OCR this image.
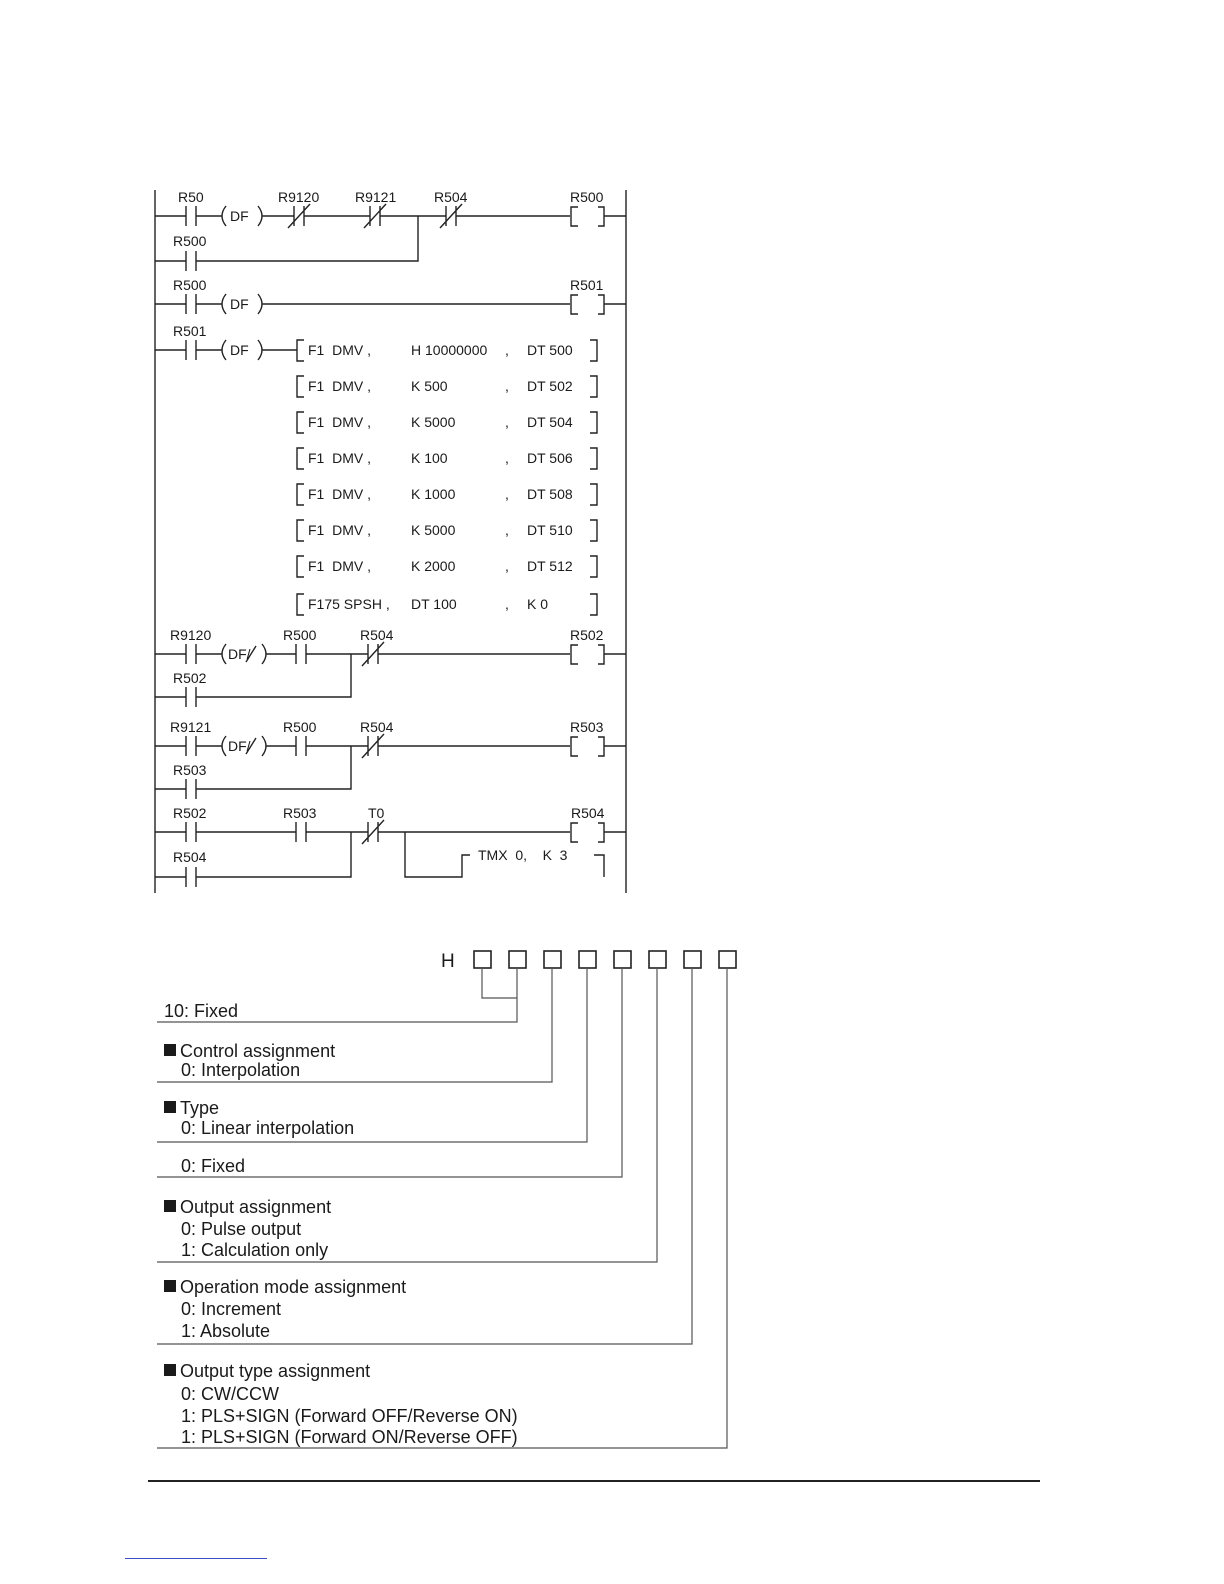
DF
R50	R9120	R9121	R504	R500
R500
DF
R500	R501
DF
R501
F1  DMV ,	H 10000000 , DT 500
F1  DMV ,	K 500	, DT 502
F1  DMV ,	K 5000	, DT 504
F1  DMV ,	K 100	, DT 506
F1  DMV ,	K 1000	, DT 508
F1  DMV ,	K 5000	, DT 510
F1  DMV ,	K 2000	, DT 512
F175 SPSH , DT 100	, K 0
DF/
R9120	R500	R504	R502
R502
DF/
R9121	R500	R504	R503
R503
R502	R503	T0	R504
R504	TMX  0,    K  3
H
10: Fixed
Control assignment
0: Interpolation
Type
0: Linear interpolation
0: Fixed
Output assignment
0: Pulse output
1: Calculation only
Operation mode assignment
0: Increment
1: Absolute
Output type assignment
0: CW/CCW
1: PLS+SIGN (Forward OFF/Reverse ON)
1: PLS+SIGN (Forward ON/Reverse OFF)
